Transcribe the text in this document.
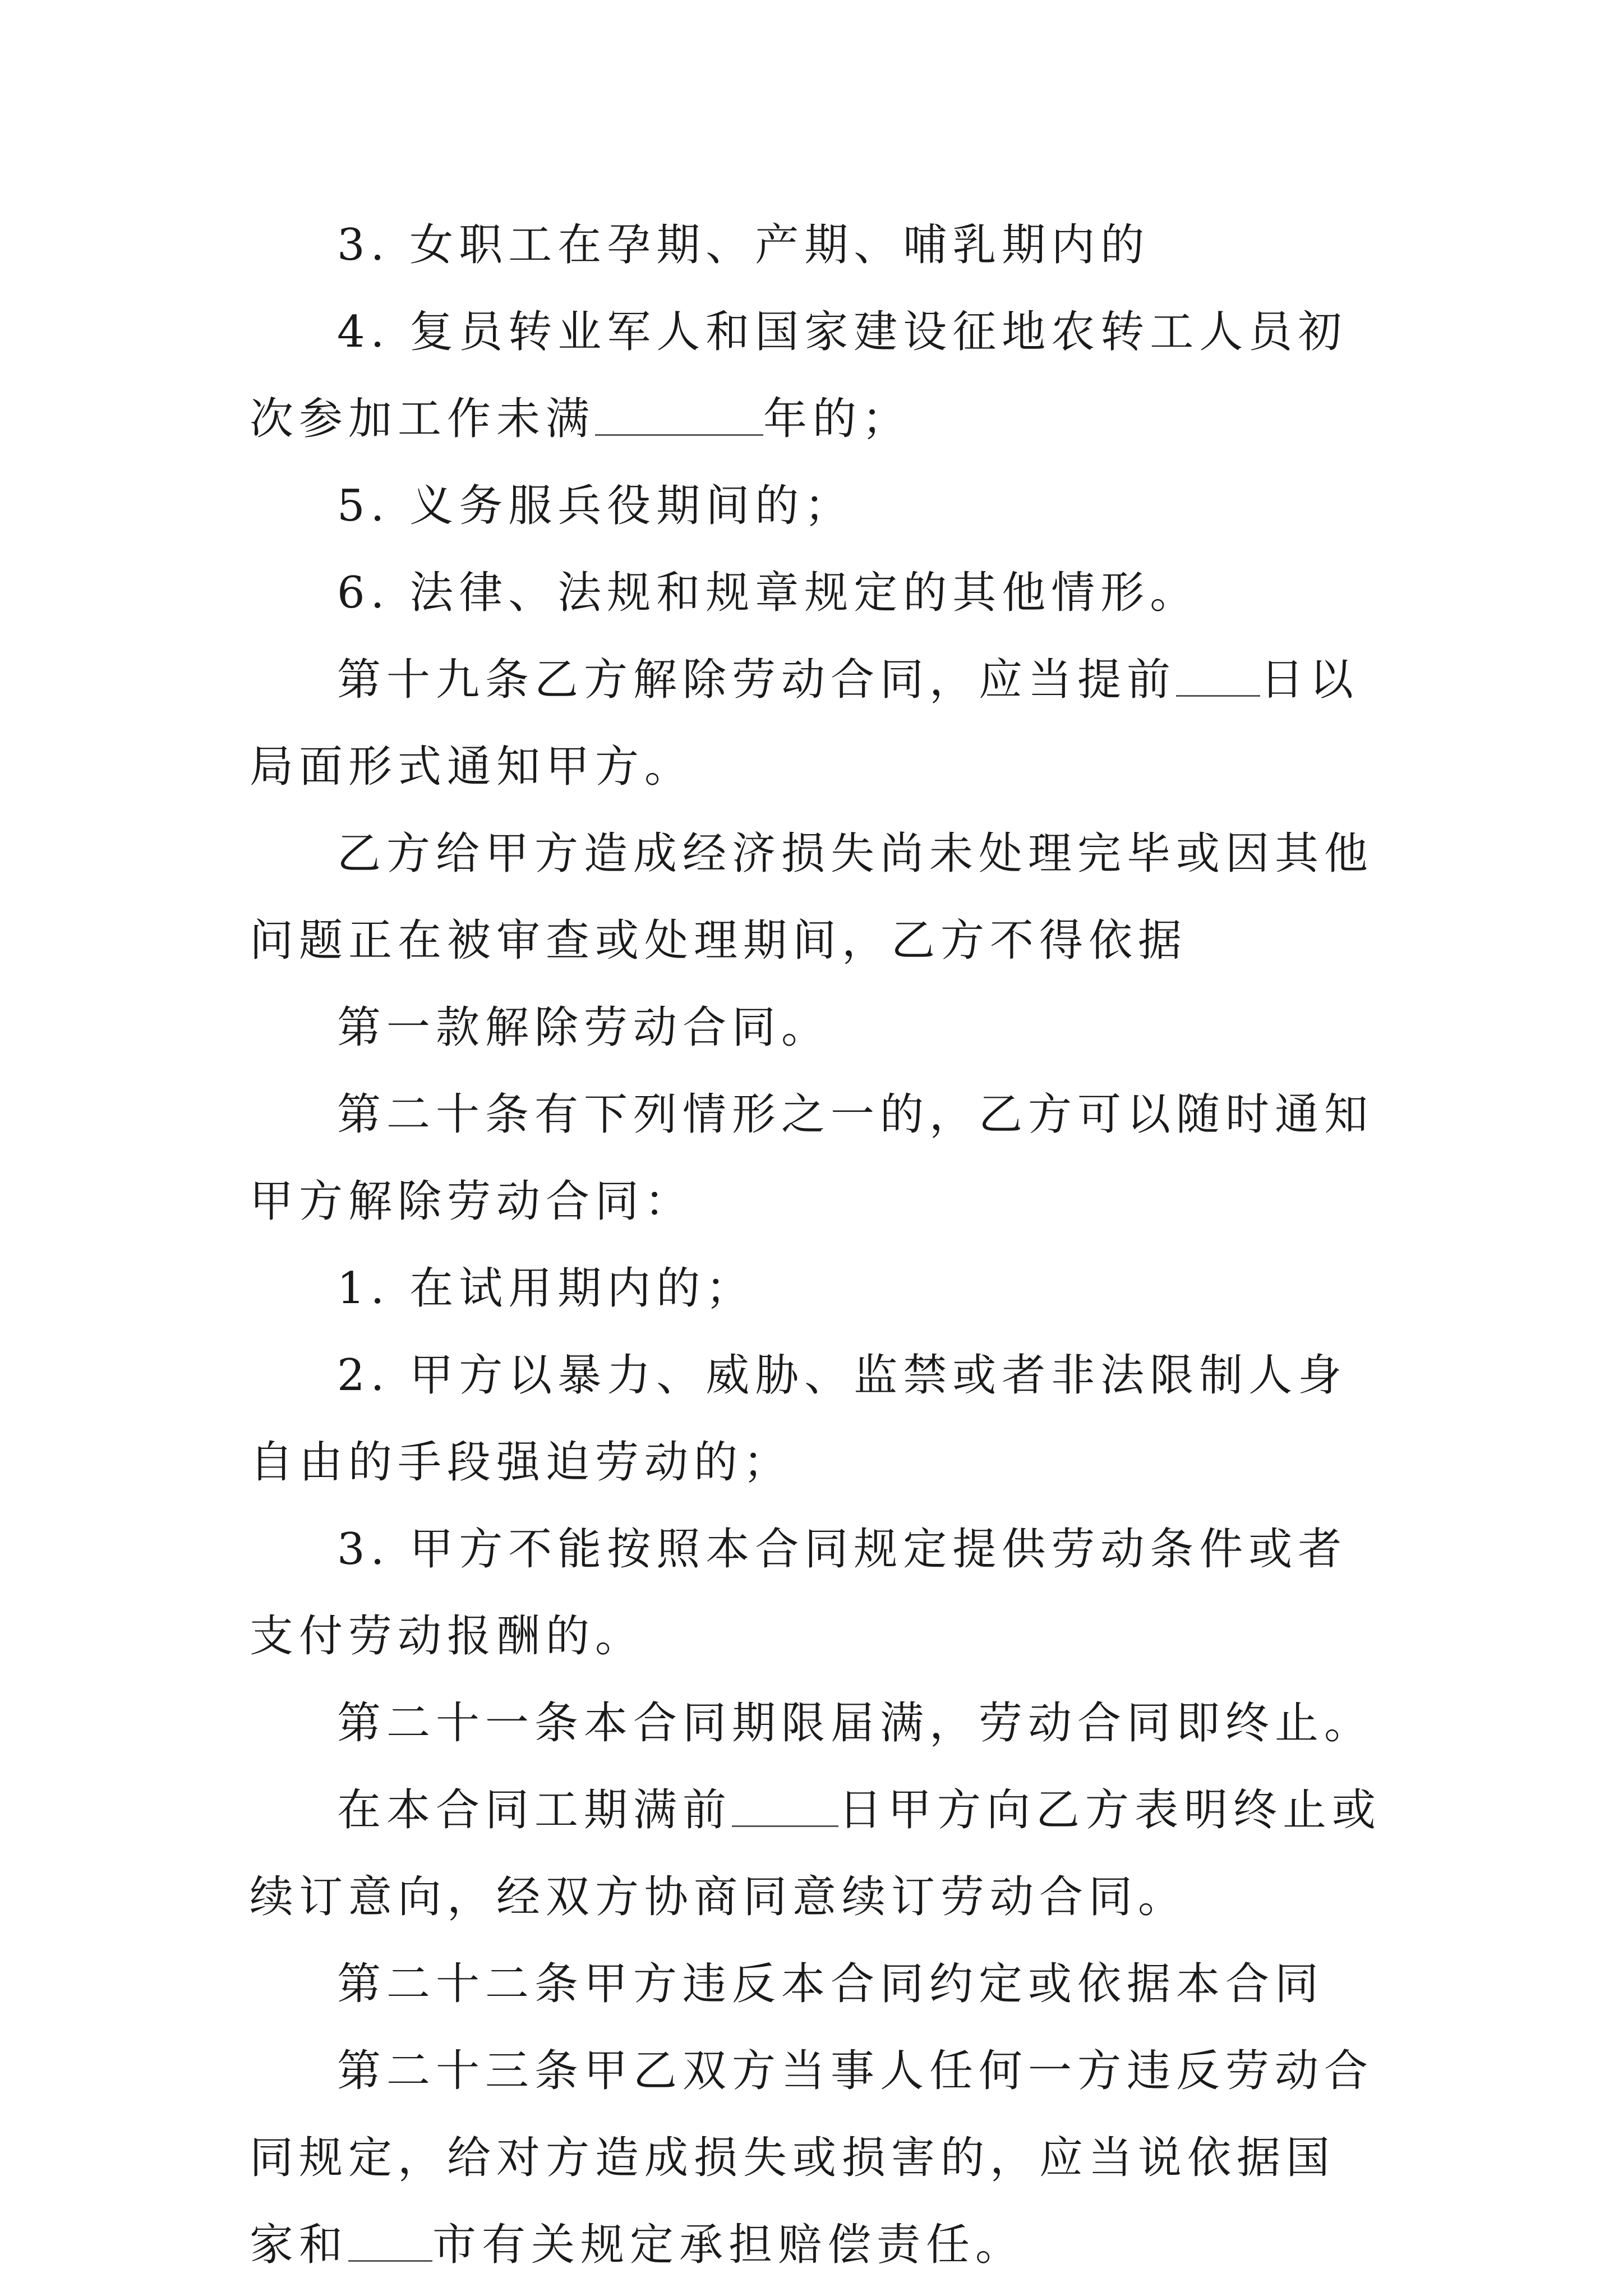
3. 女职工在孕期、产期、哺乳期内的

4. 复员转业军人和国家建设征地农转工人员初次参加工作未满	年的；

5. 义务服兵役期间的；

6. 法律、法规和规章规定的其他情形。

第十九条乙方解除劳动合同，应当提前 日以局面形式通知甲方。

乙方给甲方造成经济损失尚未处理完毕或因其他问题正在被审查或处理期间，乙方不得依据

第一款解除劳动合同。

第二十条有下列情形之一的，乙方可以随时通知甲方解除劳动合同：

1. 在试用期内的；

2. 甲方以暴力、威胁、监禁或者非法限制人身自由的手段强迫劳动的；

3. 甲方不能按照本合同规定提供劳动条件或者支付劳动报酬的。

第二十一条本合同期限届满，劳动合同即终止。

在本合同工期满前 日甲方向乙方表明终止或续订意向，经双方协商同意续订劳动合同。

第二十二条甲方违反本合同约定或依据本合同

第二十三条甲乙双方当事人任何一方违反劳动合同规定，给对方造成损失或损害的，应当说依据国家和 市有关规定承担赔偿责任。
